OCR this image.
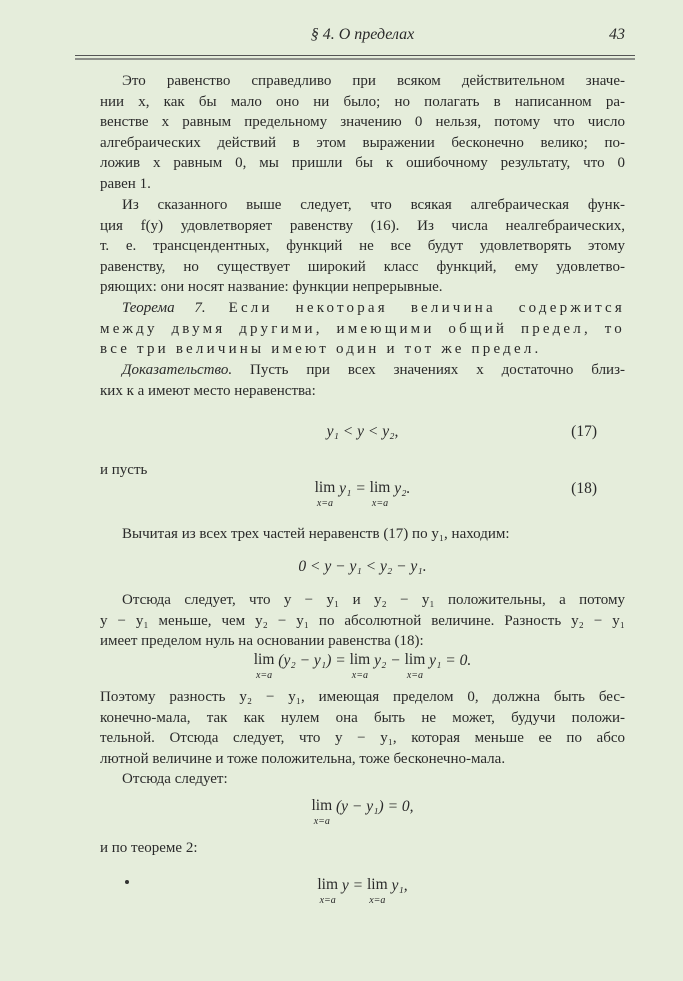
§ 4. О пределах	43
Это равенство справедливо при всяком действительном значе-
нии x, как бы мало оно ни было; но полагать в написанном ра-
венстве x равным предельному значению 0 нельзя, потому что число
алгебраических действий в этом выражении бесконечно велико; по-
ложив x равным 0, мы пришли бы к ошибочному результату, что 0
равен 1.
Из сказанного выше следует, что всякая алгебраическая функ-
ция f(y) удовлетворяет равенству (16). Из числа неалгебраических,
т. е. трансцендентных, функций не все будут удовлетворять этому
равенству, но существует широкий класс функций, ему удовлетво-
ряющих: они носят название: функции непрерывные.
Теорема 7. Если некоторая величина содержится
между двумя другими, имеющими общий предел, то
все три величины имеют один и тот же предел.
Доказательство. Пусть при всех значениях x достаточно близ-
ких к a имеют место неравенства:
y₁ < y < y₂,	(17)
и пусть
lim
x=a
y₁ = lim
x=a
y₂.	(18)
Вычитая из всех трех частей неравенств (17) по y₁, находим:
0 < y − y₁ < y₂ − y₁.
Отсюда следует, что y − y₁ и y₂ − y₁ положительны, а потому
y − y₁ меньше, чем y₂ − y₁ по абсолютной величине. Разность y₂ − y₁
имеет пределом нуль на основании равенства (18):
lim
x=a
(y₂ − y₁) = lim
x=a
y₂ − lim
x=a
y₁ = 0.
Поэтому разность y₂ − y₁, имеющая пределом 0, должна быть бес-
конечно-мала, так как нулем она быть не может, будучи положи-
тельной. Отсюда следует, что y − y₁, которая меньше ее по абсо
лютной величине и тоже положительна, тоже бесконечно-мала.
Отсюда следует:
lim
x=a
(y − y₁) = 0,
и по теореме 2:
lim
x=a
y = lim
x=a
y₁,
